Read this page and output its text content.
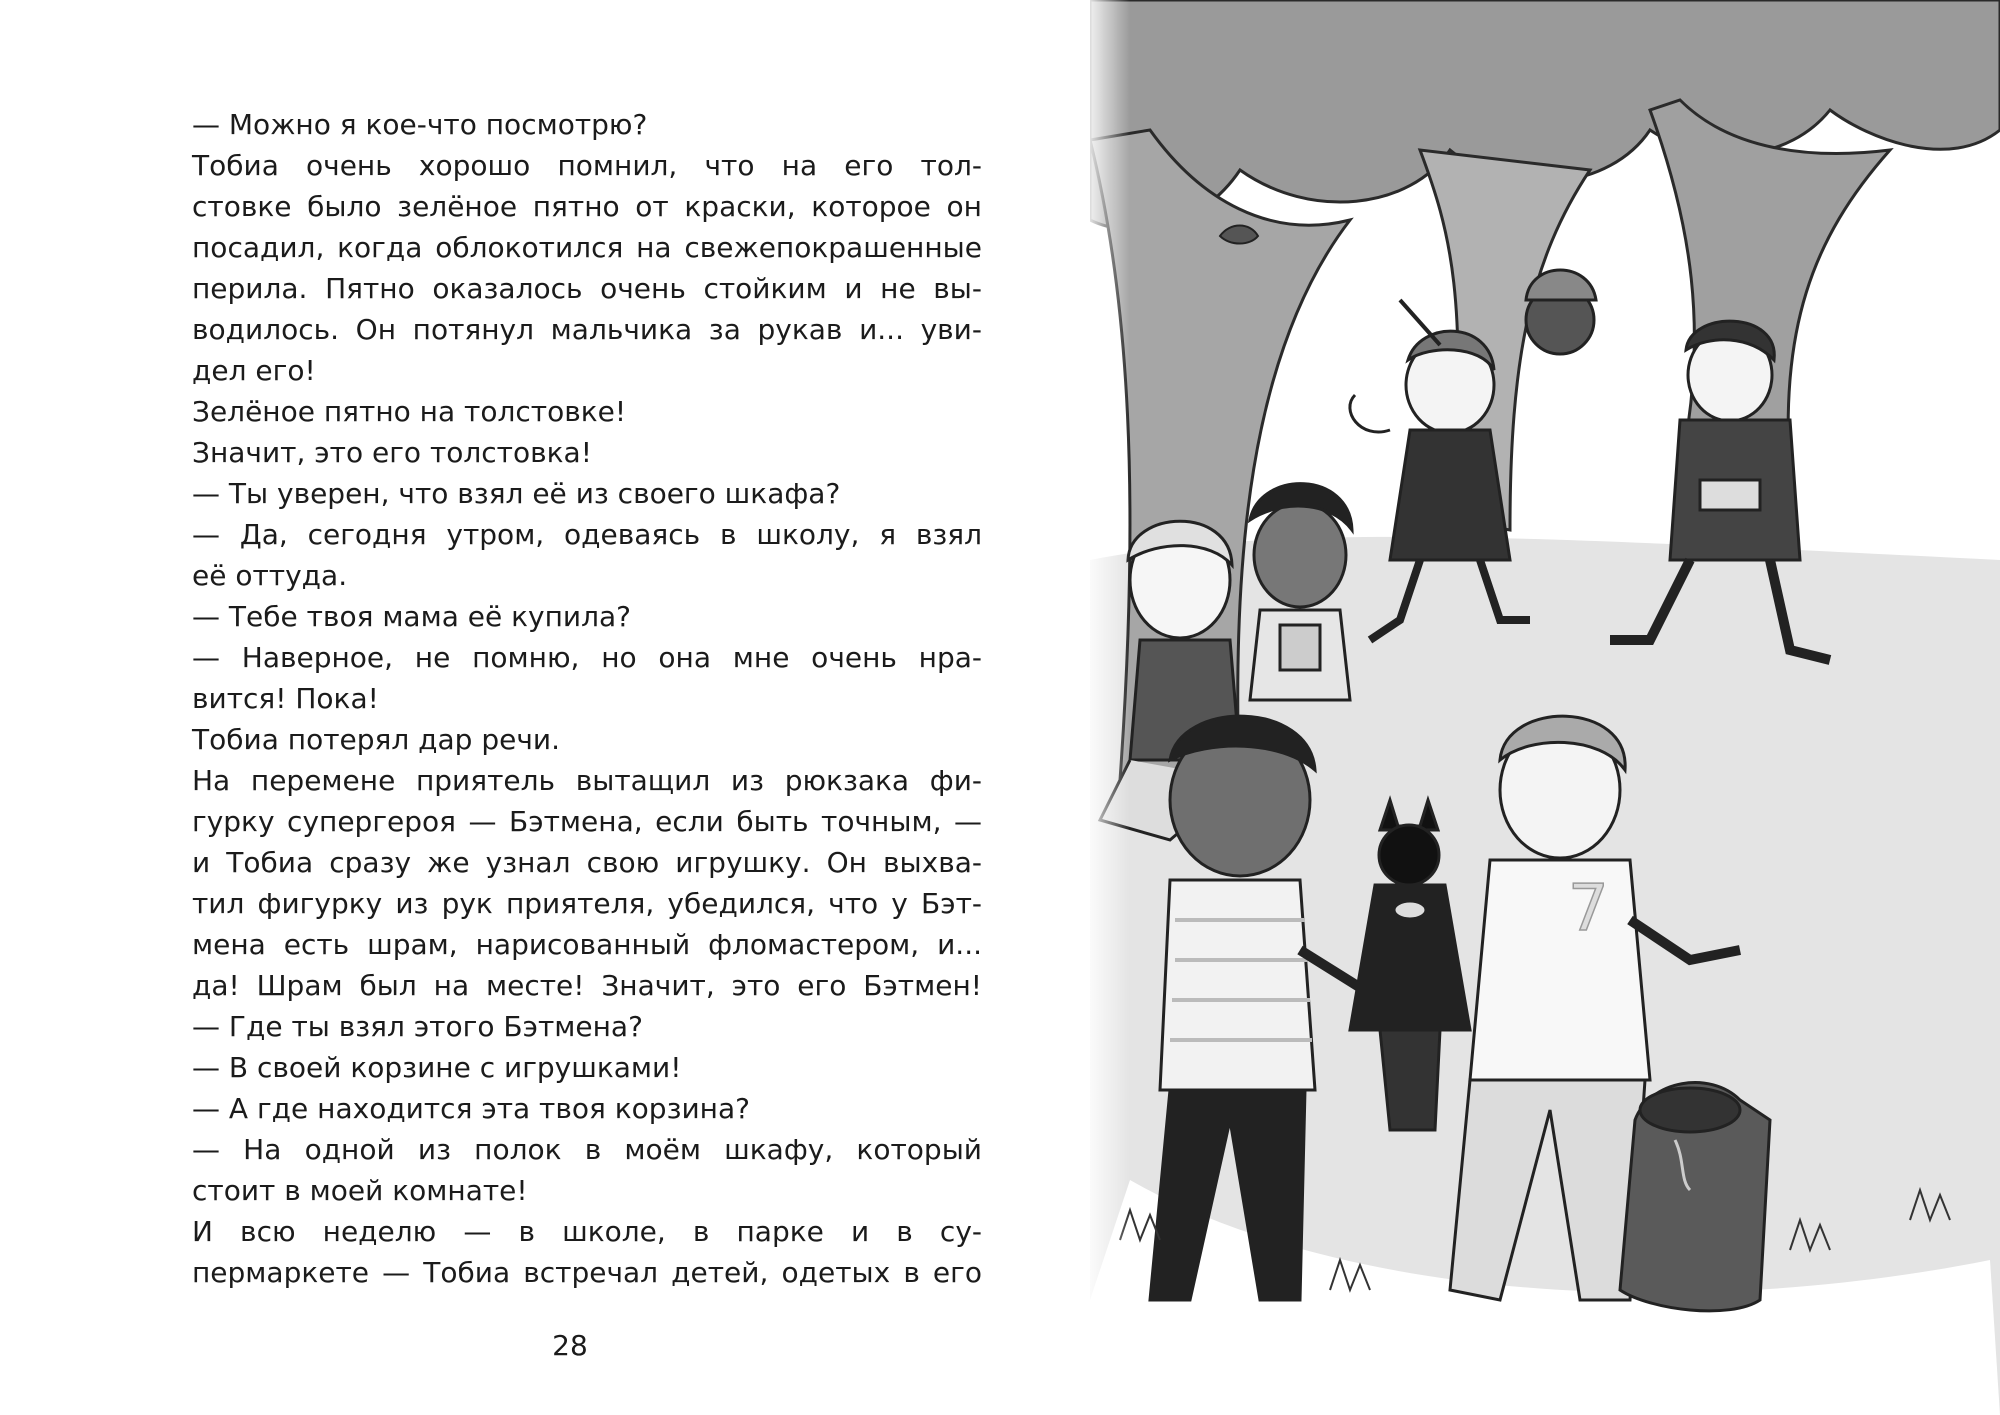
— Можно я кое-что посмотрю?
Тобиа очень хорошо помнил, что на его тол-
стовке было зелёное пятно от краски, которое он
посадил, когда облокотился на свежепокрашенные
перила. Пятно оказалось очень стойким и не вы-
водилось. Он потянул мальчика за рукав и... уви-
дел его!
Зелёное пятно на толстовке!
Значит, это его толстовка!
— Ты уверен, что взял её из своего шкафа?
— Да, сегодня утром, одеваясь в школу, я взял
её оттуда.
— Тебе твоя мама её купила?
— Наверное, не помню, но она мне очень нра-
вится! Пока!
Тобиа потерял дар речи.
На перемене приятель вытащил из рюкзака фи-
гурку супергероя — Бэтмена, если быть точным, —
и Тобиа сразу же узнал свою игрушку. Он выхва-
тил фигурку из рук приятеля, убедился, что у Бэт-
мена есть шрам, нарисованный фломастером, и...
да! Шрам был на месте! Значит, это его Бэтмен!
— Где ты взял этого Бэтмена?
— В своей корзине с игрушками!
— А где находится эта твоя корзина?
— На одной из полок в моём шкафу, который
стоит в моей комнате!
И всю неделю — в школе, в парке и в су-
пермаркете — Тобиа встречал детей, одетых в его
28
7
